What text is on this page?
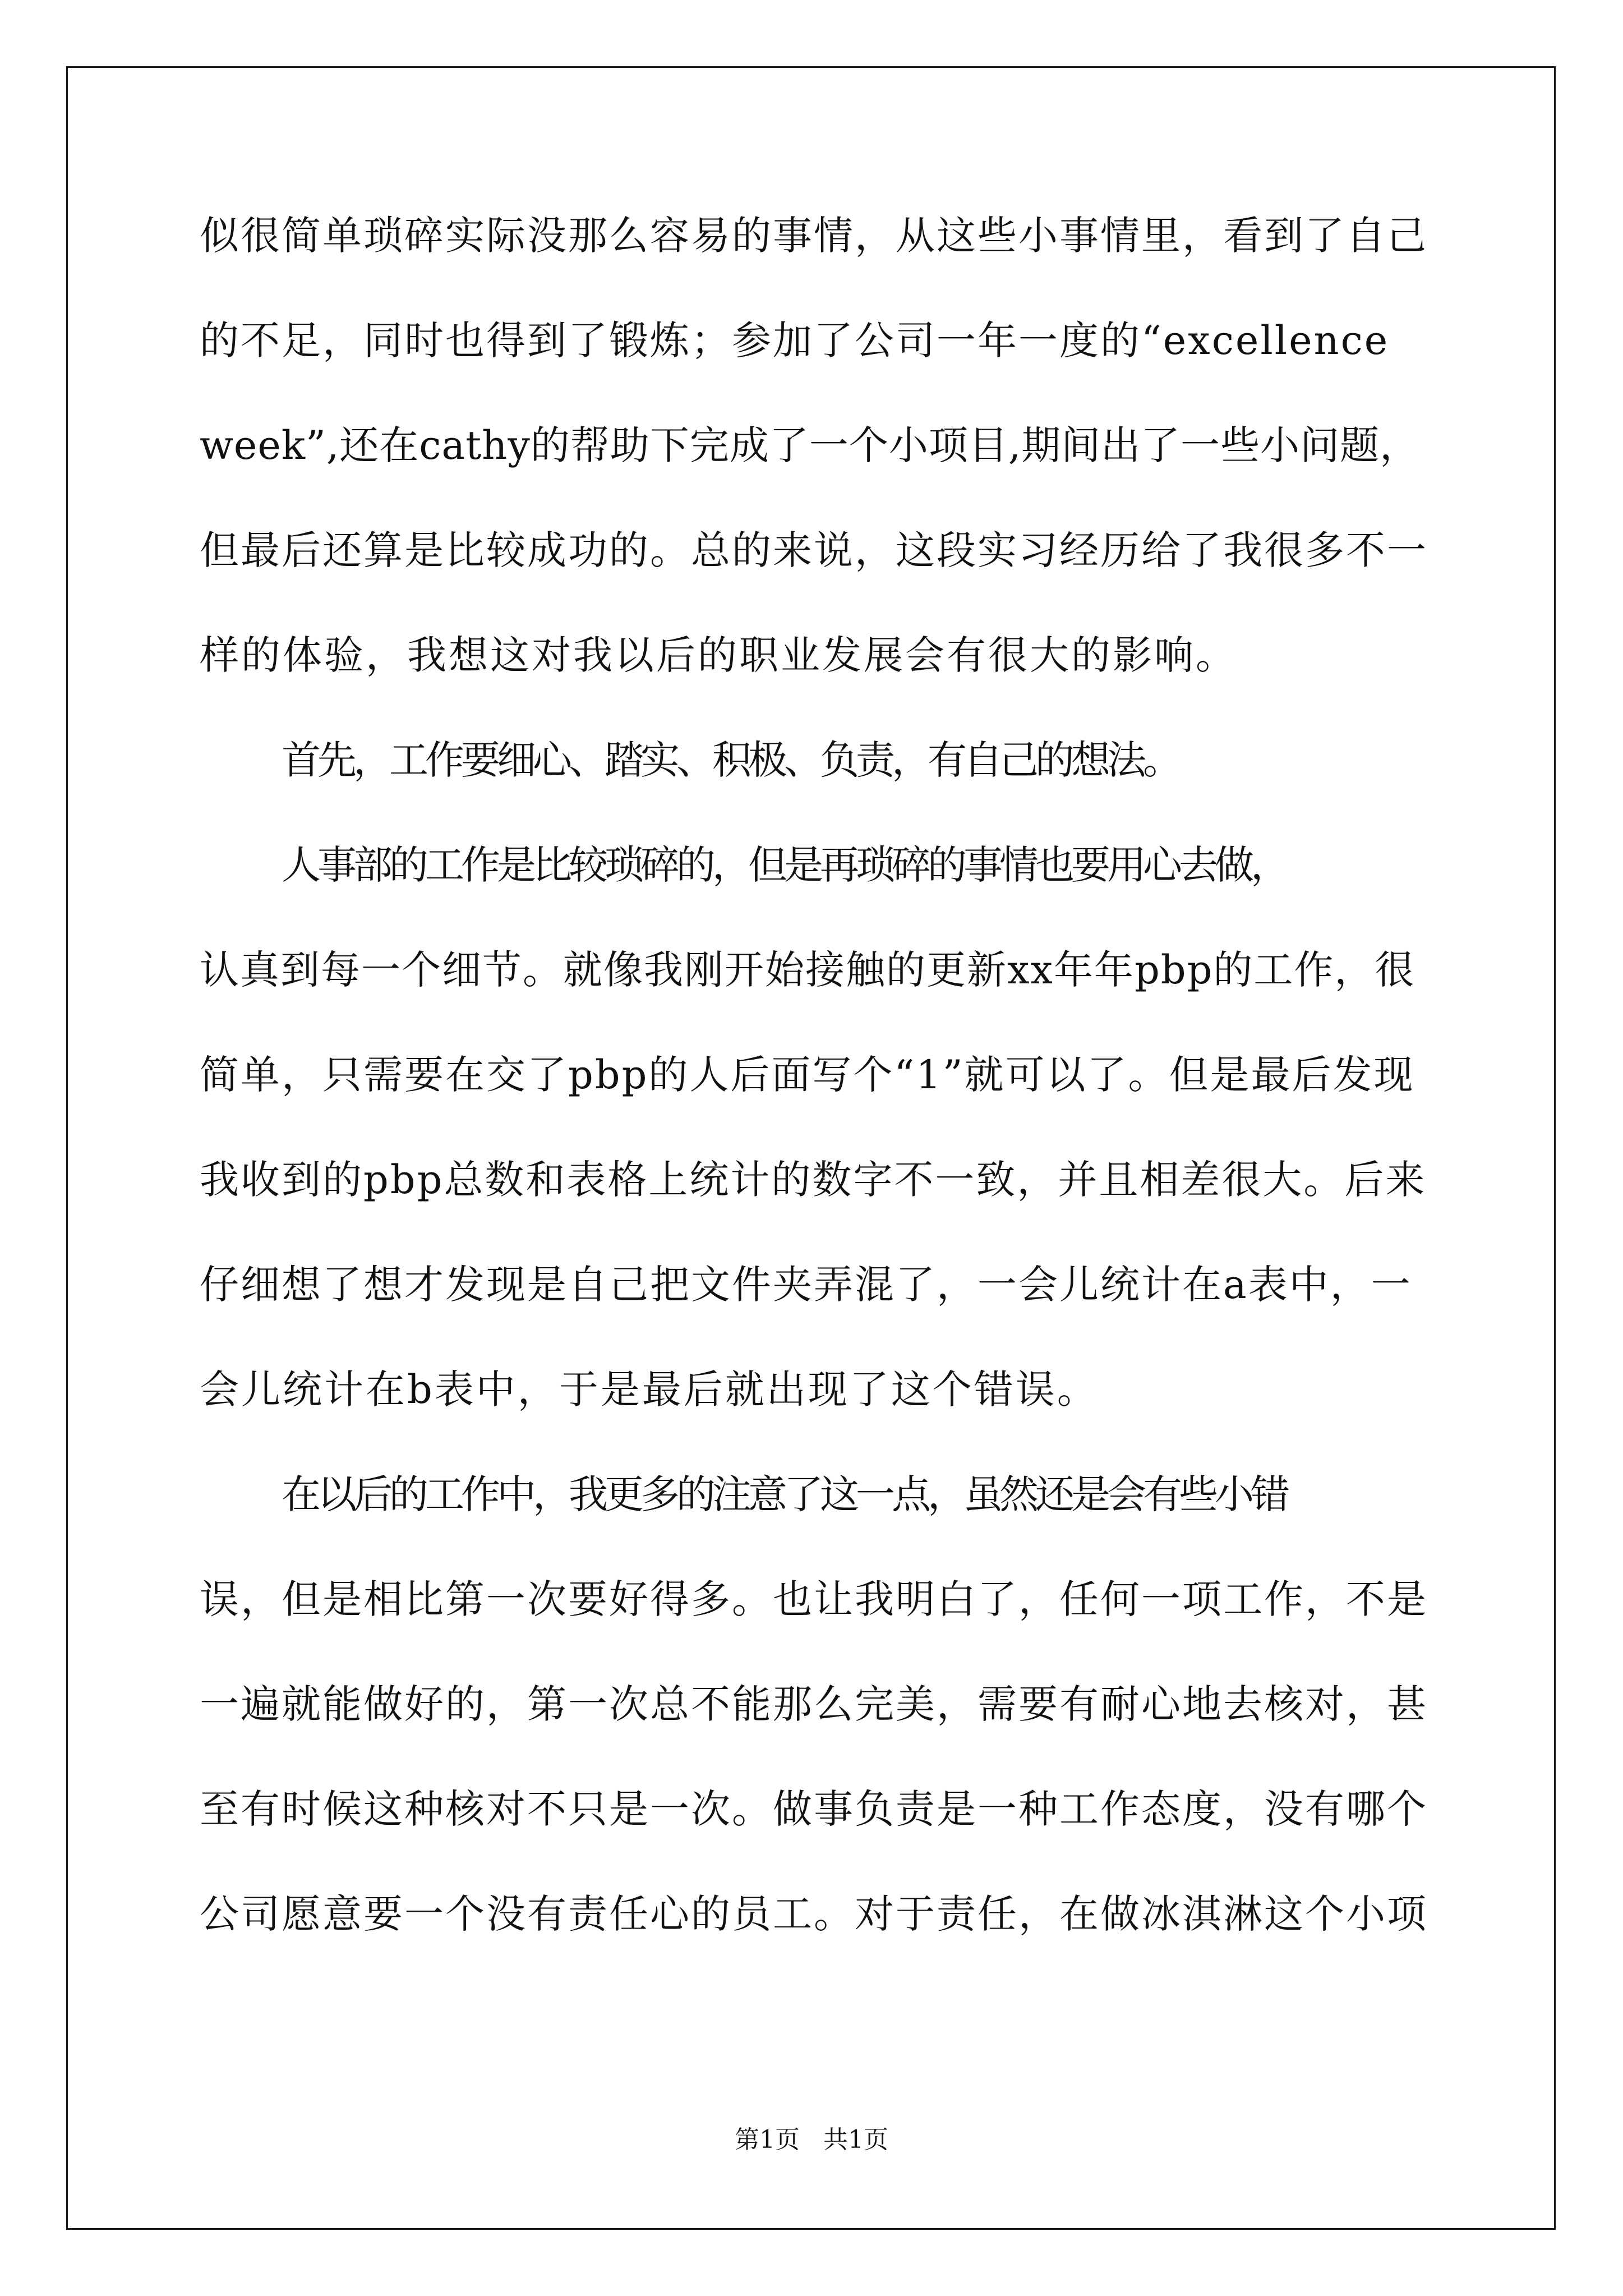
似很简单琐碎实际没那么容易的事情，从这些小事情里，看到了自己
的不足，同时也得到了锻炼；参加了公司一年一度的“excellence
week”,还在cathy的帮助下完成了一个小项目,期间出了一些小问题，
但最后还算是比较成功的。总的来说，这段实习经历给了我很多不一
样的体验，我想这对我以后的职业发展会有很大的影响。
首先，工作要细心、踏实、积极、负责，有自己的想法。
人事部的工作是比较琐碎的，但是再琐碎的事情也要用心去做，
认真到每一个细节。就像我刚开始接触的更新xx年年pbp的工作，很
简单，只需要在交了pbp的人后面写个“1”就可以了。但是最后发现
我收到的pbp总数和表格上统计的数字不一致，并且相差很大。后来
仔细想了想才发现是自己把文件夹弄混了，一会儿统计在a表中，一
会儿统计在b表中，于是最后就出现了这个错误。
在以后的工作中，我更多的注意了这一点，虽然还是会有些小错
误，但是相比第一次要好得多。也让我明白了，任何一项工作，不是
一遍就能做好的，第一次总不能那么完美，需要有耐心地去核对，甚
至有时候这种核对不只是一次。做事负责是一种工作态度，没有哪个
公司愿意要一个没有责任心的员工。对于责任，在做冰淇淋这个小项
第1页   共1页
